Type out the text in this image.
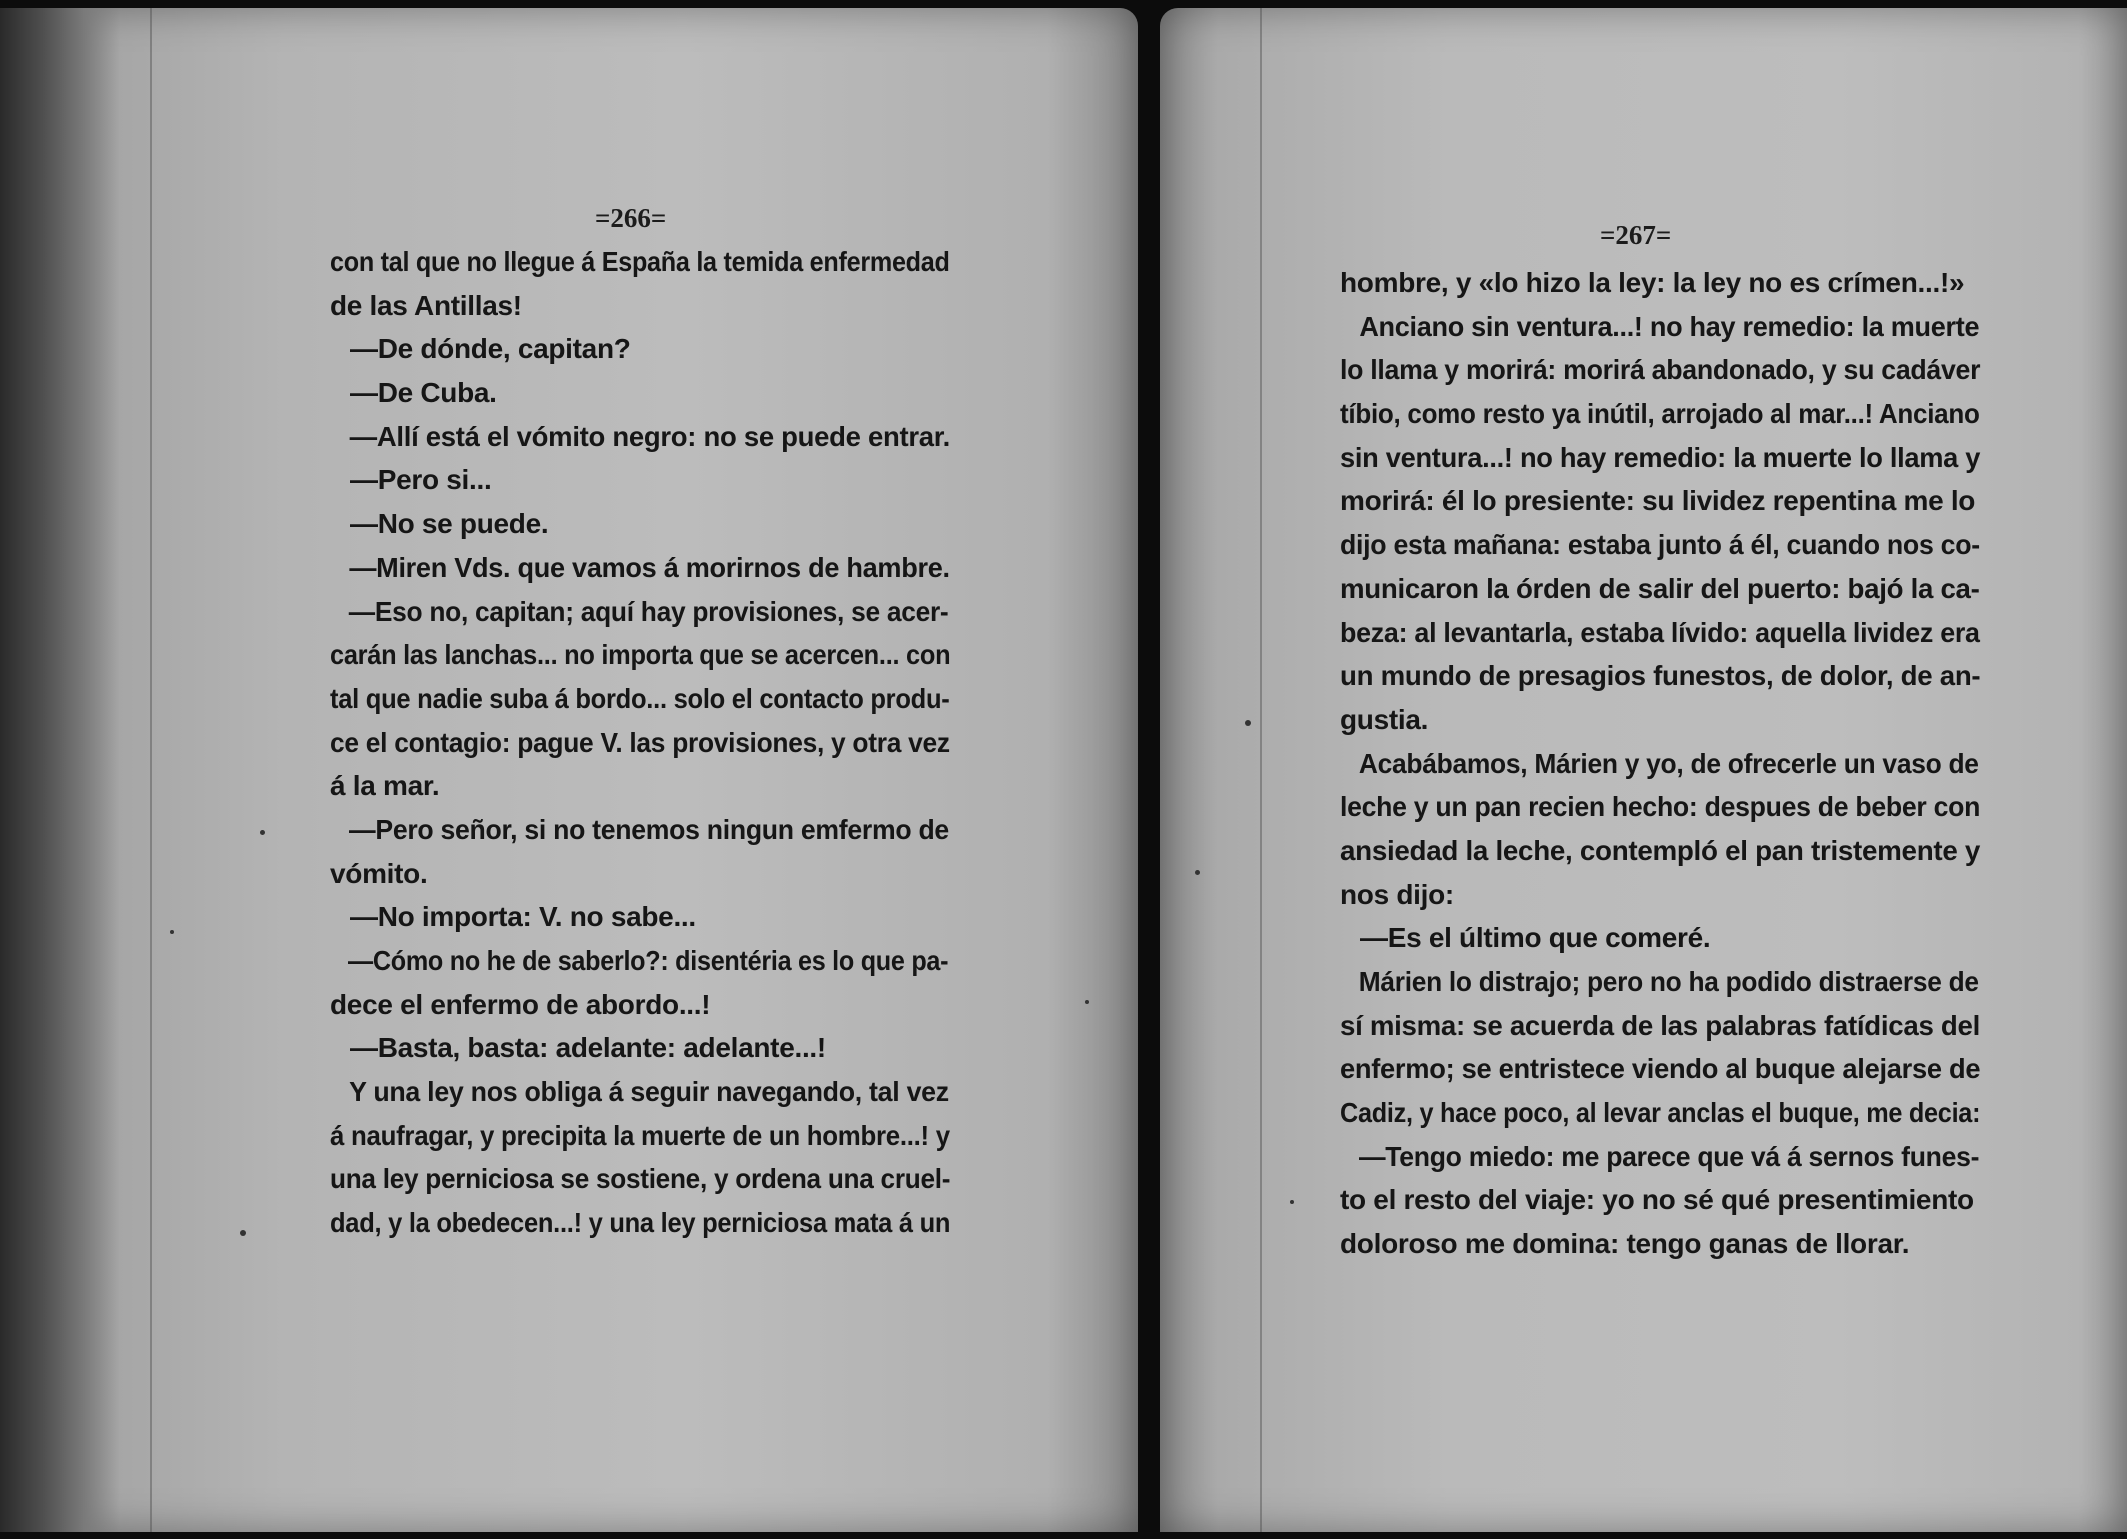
=266=
con tal que no llegue á España la temida enfermedad
de las Antillas!
—De dónde, capitan?
—De Cuba.
—Allí está el vómito negro: no se puede entrar.
—Pero si...
—No se puede.
—Miren Vds. que vamos á morirnos de hambre.
—Eso no, capitan; aquí hay provisiones, se acer-
carán las lanchas... no importa que se acercen... con
tal que nadie suba á bordo... solo el contacto produ-
ce el contagio: pague V. las provisiones, y otra vez
á la mar.
—Pero señor, si no tenemos ningun emfermo de
vómito.
—No importa: V. no sabe...
—Cómo no he de saberlo?: disentéria es lo que pa-
dece el enfermo de abordo...!
—Basta, basta: adelante: adelante...!
Y una ley nos obliga á seguir navegando, tal vez
á naufragar, y precipita la muerte de un hombre...! y
una ley perniciosa se sostiene, y ordena una cruel-
dad, y la obedecen...! y una ley perniciosa mata á un
=267=
hombre, y «lo hizo la ley: la ley no es crímen...!»
Anciano sin ventura...! no hay remedio: la muerte
lo llama y morirá: morirá abandonado, y su cadáver
tíbio, como resto ya inútil, arrojado al mar...! Anciano
sin ventura...! no hay remedio: la muerte lo llama y
morirá: él lo presiente: su lividez repentina me lo
dijo esta mañana: estaba junto á él, cuando nos co-
municaron la órden de salir del puerto: bajó la ca-
beza: al levantarla, estaba lívido: aquella lividez era
un mundo de presagios funestos, de dolor, de an-
gustia.
Acabábamos, Márien y yo, de ofrecerle un vaso de
leche y un pan recien hecho: despues de beber con
ansiedad la leche, contempló el pan tristemente y
nos dijo:
—Es el último que comeré.
Márien lo distrajo; pero no ha podido distraerse de
sí misma: se acuerda de las palabras fatídicas del
enfermo; se entristece viendo al buque alejarse de
Cadiz, y hace poco, al levar anclas el buque, me decia:
—Tengo miedo: me parece que vá á sernos funes-
to el resto del viaje: yo no sé qué presentimiento
doloroso me domina: tengo ganas de llorar.
